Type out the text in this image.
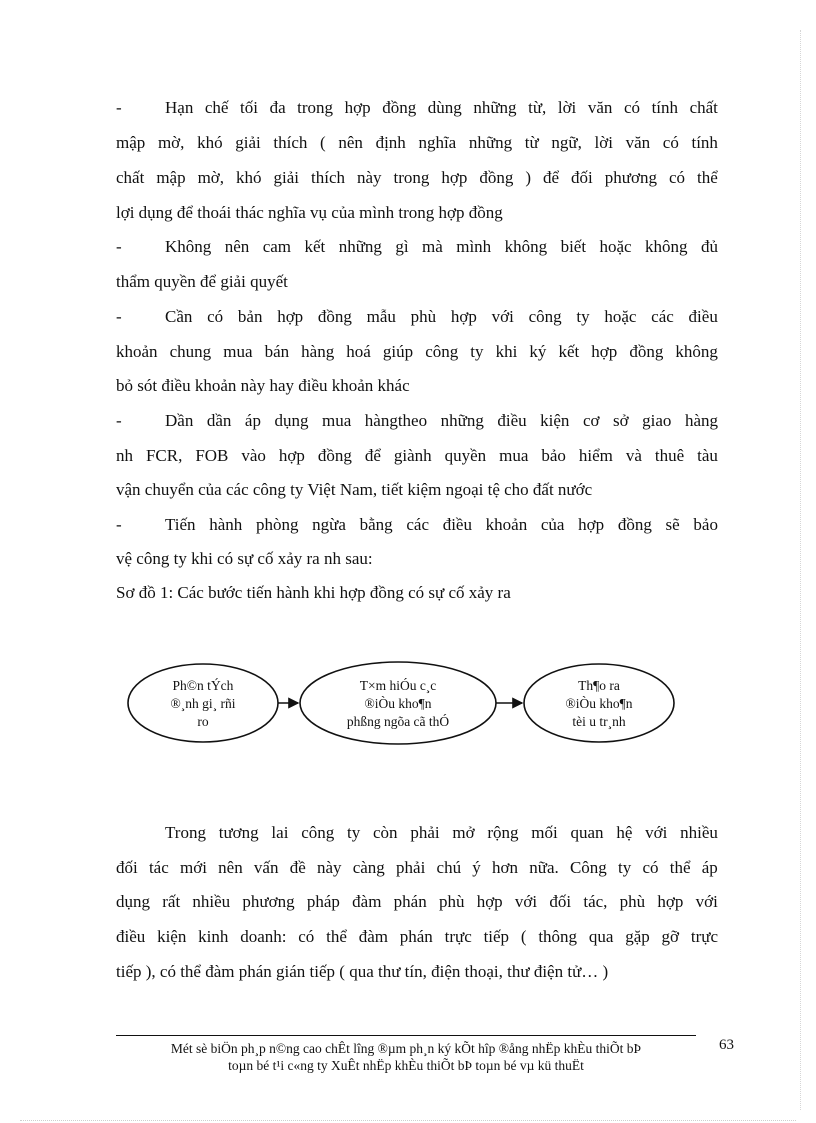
-	Hạn chế tối đa trong hợp đồng dùng những từ, lời văn có tính chất
mập mờ, khó giải thích ( nên định nghĩa những từ ngữ, lời văn có tính
chất mập mờ, khó giải thích này trong hợp đồng ) để đối phương có thể
lợi dụng để thoái thác nghĩa vụ của mình trong hợp đồng
-	Không nên cam kết những gì mà mình không biết hoặc không đủ
thẩm quyền để giải quyết
-	Cần có bản hợp đồng mẫu phù hợp với công ty hoặc các điều
khoản chung mua bán hàng hoá giúp công ty khi ký kết hợp đồng không
bỏ sót điều khoản này hay điều khoản khác
-	Dần dần áp dụng mua hàngtheo những điều kiện cơ sở giao hàng
nh FCR, FOB vào hợp đồng để giành quyền mua bảo hiểm và thuê tàu
vận chuyển của các công ty Việt Nam, tiết kiệm ngoại tệ cho đất nước
-	Tiến hành phòng ngừa bằng các điều khoản của hợp đồng sẽ bảo
vệ công ty khi có sự cố xảy ra nh sau:
Sơ đồ 1: Các bước tiến hành khi hợp đồng có sự cố xảy ra
Ph©n tÝch
®¸nh gi¸ rñi
ro
T×m hiÓu c¸c
®iÒu kho¶n
phßng ngõa cã thÓ
Th¶o ra
®iÒu kho¶n
tèi u tr¸nh
Trong tương lai công ty còn phải mở rộng mối quan hệ với nhiều
đối tác mới nên vấn đề này càng phải chú ý hơn nữa. Công ty có thể áp
dụng rất nhiều phương pháp đàm phán phù hợp với đối tác, phù hợp với
điều kiện kinh doanh: có thể đàm phán trực tiếp ( thông qua gặp gỡ trực
tiếp ), có thể đàm phán gián tiếp ( qua thư tín, điện thoại, thư điện tử… )
Mét sè biÖn ph¸p n©ng cao chÊt lîng ®µm ph¸n ký kÕt hîp ®ång nhËp khÈu thiÕt bÞ
toµn bé t¹i c«ng ty XuÊt nhËp khÈu thiÕt bÞ toµn bé vµ kü thuËt
63
